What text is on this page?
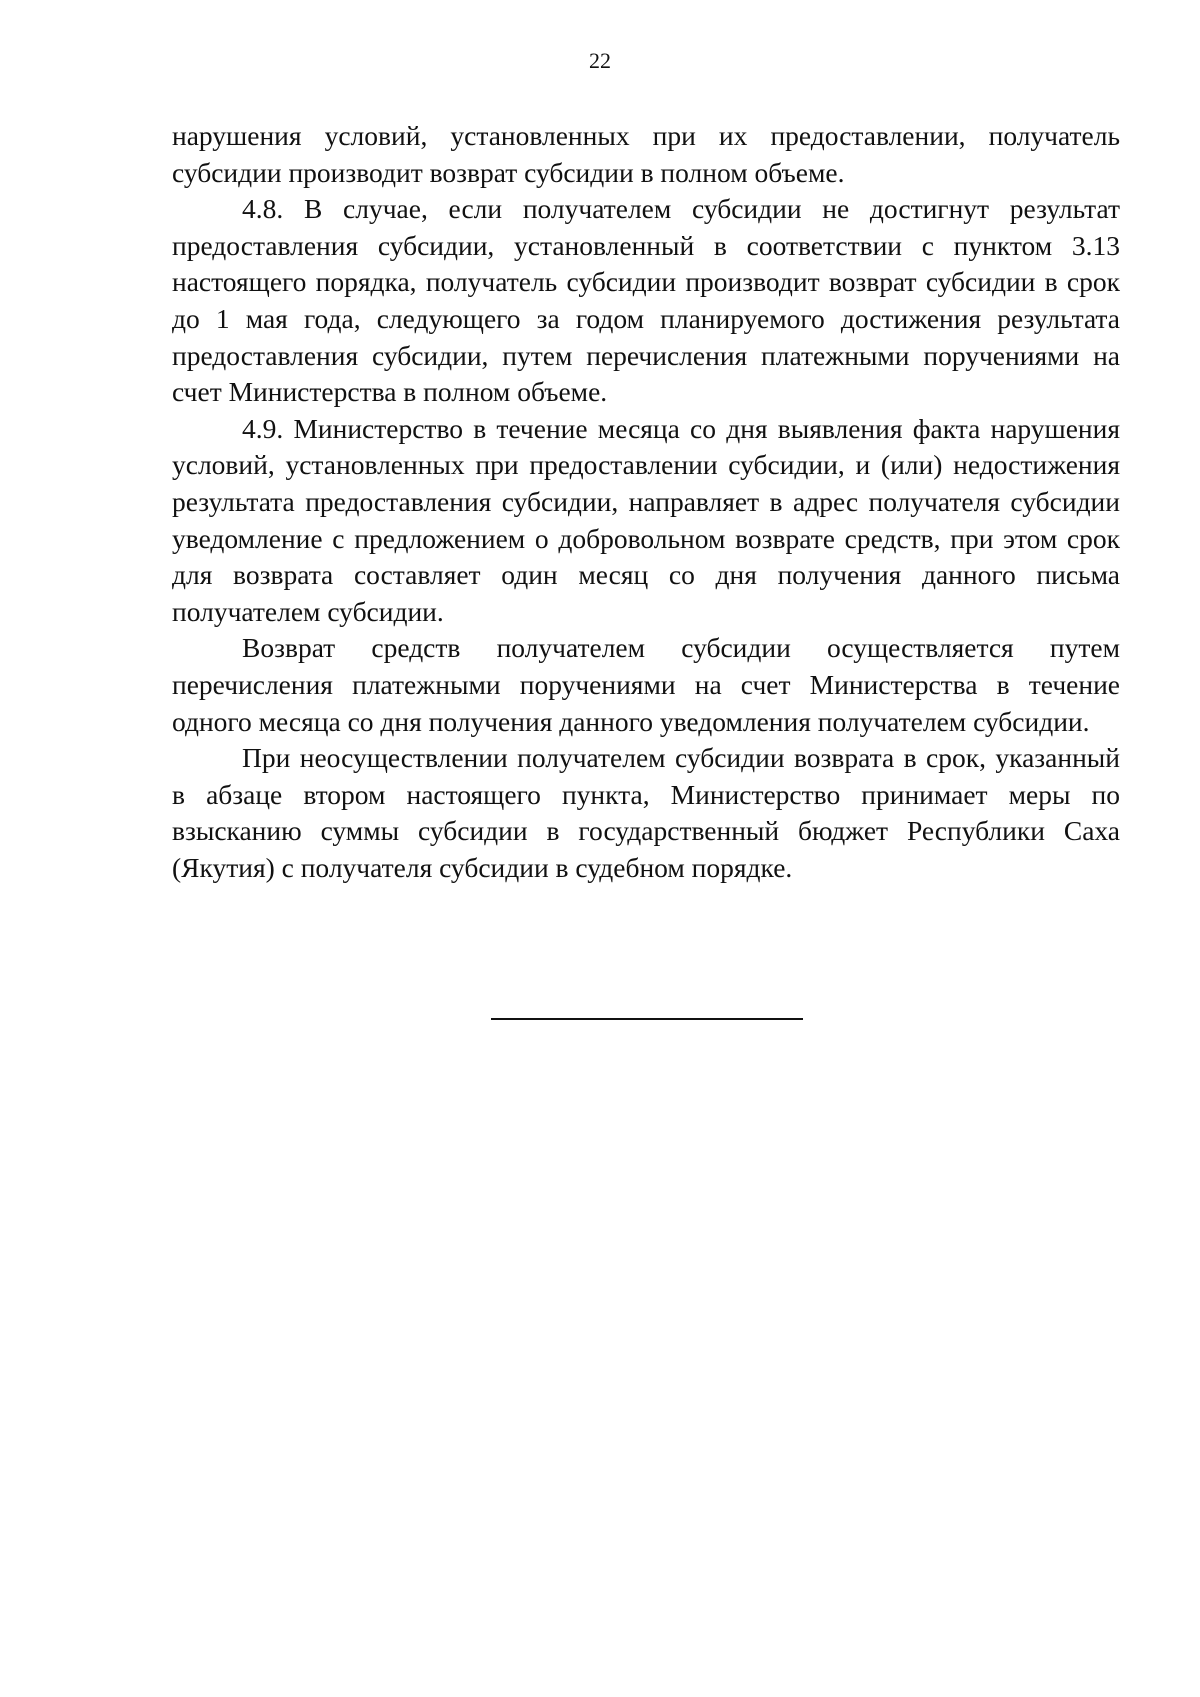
22

нарушения условий, установленных при их предоставлении, получатель субсидии производит возврат субсидии в полном объеме.

4.8. В случае, если получателем субсидии не достигнут результат предоставления субсидии, установленный в соответствии с пунктом 3.13 настоящего порядка, получатель субсидии производит возврат субсидии в срок до 1 мая года, следующего за годом планируемого достижения результата предоставления субсидии, путем перечисления платежными поручениями на счет Министерства в полном объеме.

4.9. Министерство в течение месяца со дня выявления факта нарушения условий, установленных при предоставлении субсидии, и (или) недостижения результата предоставления субсидии, направляет в адрес получателя субсидии уведомление с предложением о добровольном возврате средств, при этом срок для возврата составляет один месяц со дня получения данного письма получателем субсидии.

Возврат средств получателем субсидии осуществляется путем перечисления платежными поручениями на счет Министерства в течение одного месяца со дня получения данного уведомления получателем субсидии.

При неосуществлении получателем субсидии возврата в срок, указанный в абзаце втором настоящего пункта, Министерство принимает меры по взысканию суммы субсидии в государственный бюджет Республики Саха (Якутия) с получателя субсидии в судебном порядке.
